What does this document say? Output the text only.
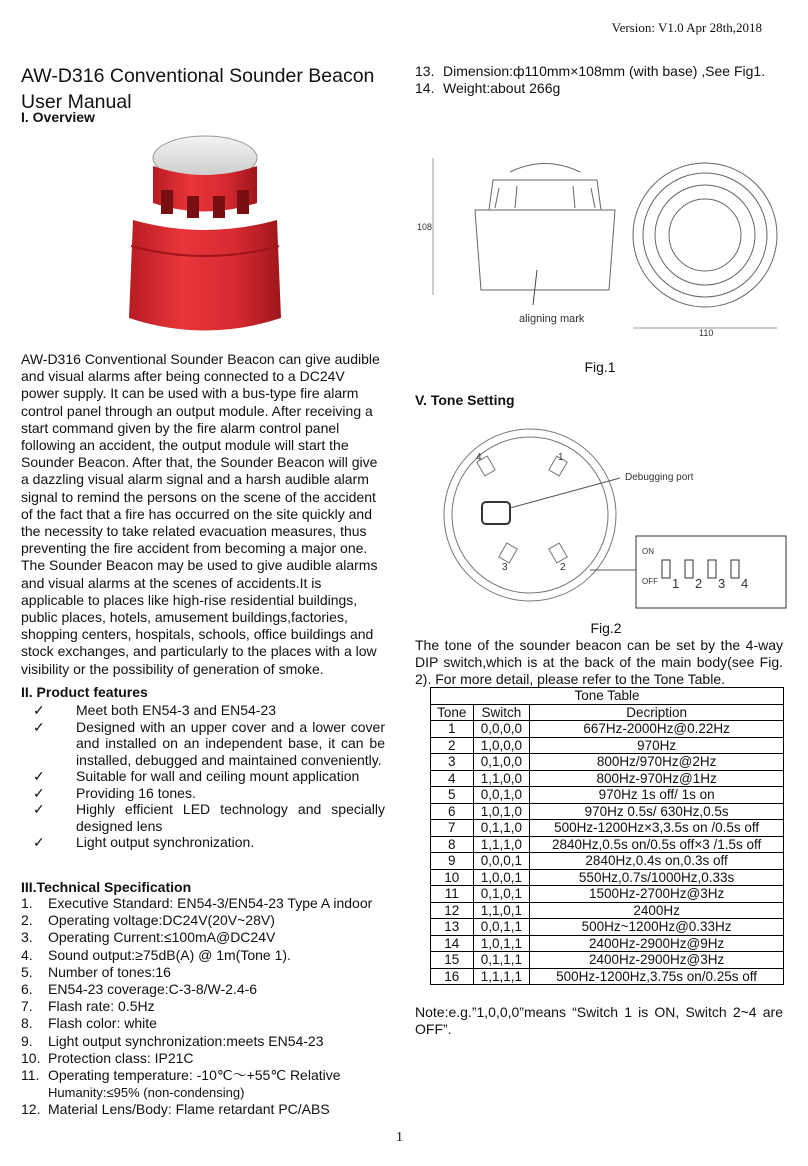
Version: V1.0 Apr 28th,2018
AW-D316 Conventional Sounder Beacon
User Manual
I. Overview

AW-D316 Conventional Sounder Beacon can give audible and visual alarms after being connected to a DC24V power supply. It can be used with a bus-type fire alarm control panel through an output module. After receiving a start command given by the fire alarm control panel following an accident, the output module will start the Sounder Beacon. After that, the Sounder Beacon will give a dazzling visual alarm signal and a harsh audible alarm signal to remind the persons on the scene of the accident of the fact that a fire has occurred on the site quickly and the necessity to take related evacuation measures, thus preventing the fire accident from becoming a major one. The Sounder Beacon may be used to give audible alarms and visual alarms at the scenes of accidents.It is applicable to places like high-rise residential buildings, public places, hotels, amusement buildings,factories, shopping centers, hospitals, schools, office buildings and stock exchanges, and particularly to the places with a low visibility or the possibility of generation of smoke.

II. Product features
✓ Meet both EN54-3 and EN54-23
✓ Designed with an upper cover and a lower cover and installed on an independent base, it can be installed, debugged and maintained conveniently.
✓ Suitable for wall and ceiling mount application
✓ Providing 16 tones.
✓ Highly efficient LED technology and specially designed lens
✓ Light output synchronization.
III.Technical Specification
1. Executive Standard: EN54-3/EN54-23 Type A indoor
2. Operating voltage:DC24V(20V~28V)
3. Operating Current:≤100mA@DC24V
4. Sound output:≥75dB(A) @ 1m(Tone 1).
5. Number of tones:16
6. EN54-23 coverage:C-3-8/W-2.4-6
7. Flash rate: 0.5Hz
8. Flash color: white
9. Light output synchronization:meets EN54-23
10. Protection class: IP21C
11. Operating temperature: -10℃～+55℃ Relative
Humanity:≤95% (non-condensing)
12. Material Lens/Body: Flame retardant PC/ABS
13. Dimension:ф110mm×108mm (with base) ,See Fig1.
14. Weight:about 266g
108
aligning mark
110
Fig.1
V. Tone Setting
4	1
3	2
Debugging port
ON
OFF 1 2 3 4
Fig.2

The tone of the sounder beacon can be set by the 4-way DIP switch,which is at the back of the main body(see Fig. 2). For more detail, please refer to the Tone Table.

Tone Table		
Tone	Switch	Decription
1	0,0,0,0	667Hz-2000Hz@0.22Hz
2	1,0,0,0	970Hz
3	0,1,0,0	800Hz/970Hz@2Hz
4	1,1,0,0	800Hz-970Hz@1Hz
5	0,0,1,0	970Hz 1s off/ 1s on
6	1,0,1,0	970Hz 0.5s/ 630Hz,0.5s
7	0,1,1,0	500Hz-1200Hz×3,3.5s on /0.5s off
8	1,1,1,0	2840Hz,0.5s on/0.5s off×3 /1.5s off
9	0,0,0,1	2840Hz,0.4s on,0.3s off
10	1,0,0,1	550Hz,0.7s/1000Hz,0.33s
11	0,1,0,1	1500Hz-2700Hz@3Hz
12	1,1,0,1	2400Hz
13	0,0,1,1	500Hz~1200Hz@0.33Hz
14	1,0,1,1	2400Hz-2900Hz@9Hz
15	0,1,1,1	2400Hz-2900Hz@3Hz
16	1,1,1,1	500Hz-1200Hz,3.75s on/0.25s off

Note:e.g.”1,0,0,0”means “Switch 1 is ON, Switch 2~4 are OFF”.

1
